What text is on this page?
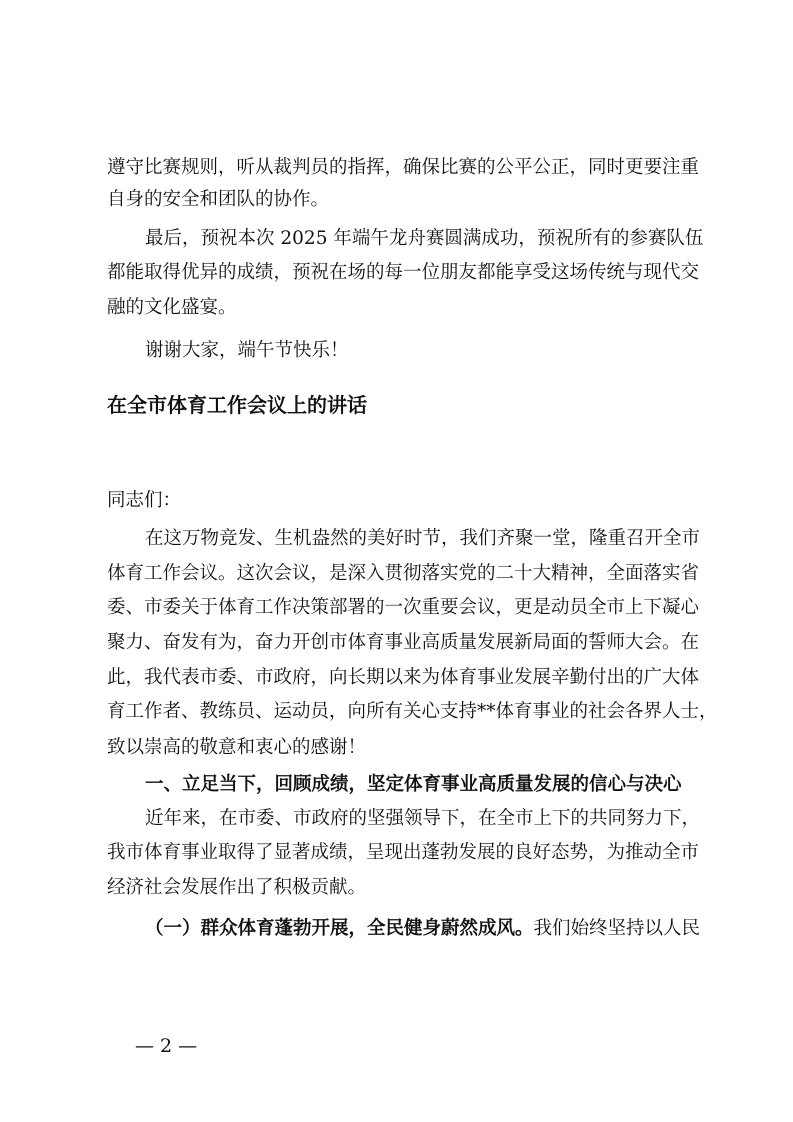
遵守比赛规则，听从裁判员的指挥，确保比赛的公平公正，同时更要注重
自身的安全和团队的协作。
最后，预祝本次 2025 年端午龙舟赛圆满成功，预祝所有的参赛队伍
都能取得优异的成绩，预祝在场的每一位朋友都能享受这场传统与现代交
融的文化盛宴。
谢谢大家，端午节快乐！
在全市体育工作会议上的讲话
同志们：
在这万物竞发、生机盎然的美好时节，我们齐聚一堂，隆重召开全市
体育工作会议。这次会议，是深入贯彻落实党的二十大精神，全面落实省
委、市委关于体育工作决策部署的一次重要会议，更是动员全市上下凝心
聚力、奋发有为，奋力开创市体育事业高质量发展新局面的誓师大会。在
此，我代表市委、市政府，向长期以来为体育事业发展辛勤付出的广大体
育工作者、教练员、运动员，向所有关心支持**体育事业的社会各界人士，
致以崇高的敬意和衷心的感谢！
一、立足当下，回顾成绩，坚定体育事业高质量发展的信心与决心
近年来，在市委、市政府的坚强领导下，在全市上下的共同努力下，
我市体育事业取得了显著成绩，呈现出蓬勃发展的良好态势，为推动全市
经济社会发展作出了积极贡献。
（一）群众体育蓬勃开展，全民健身蔚然成风。我们始终坚持以人民
— 2 —
